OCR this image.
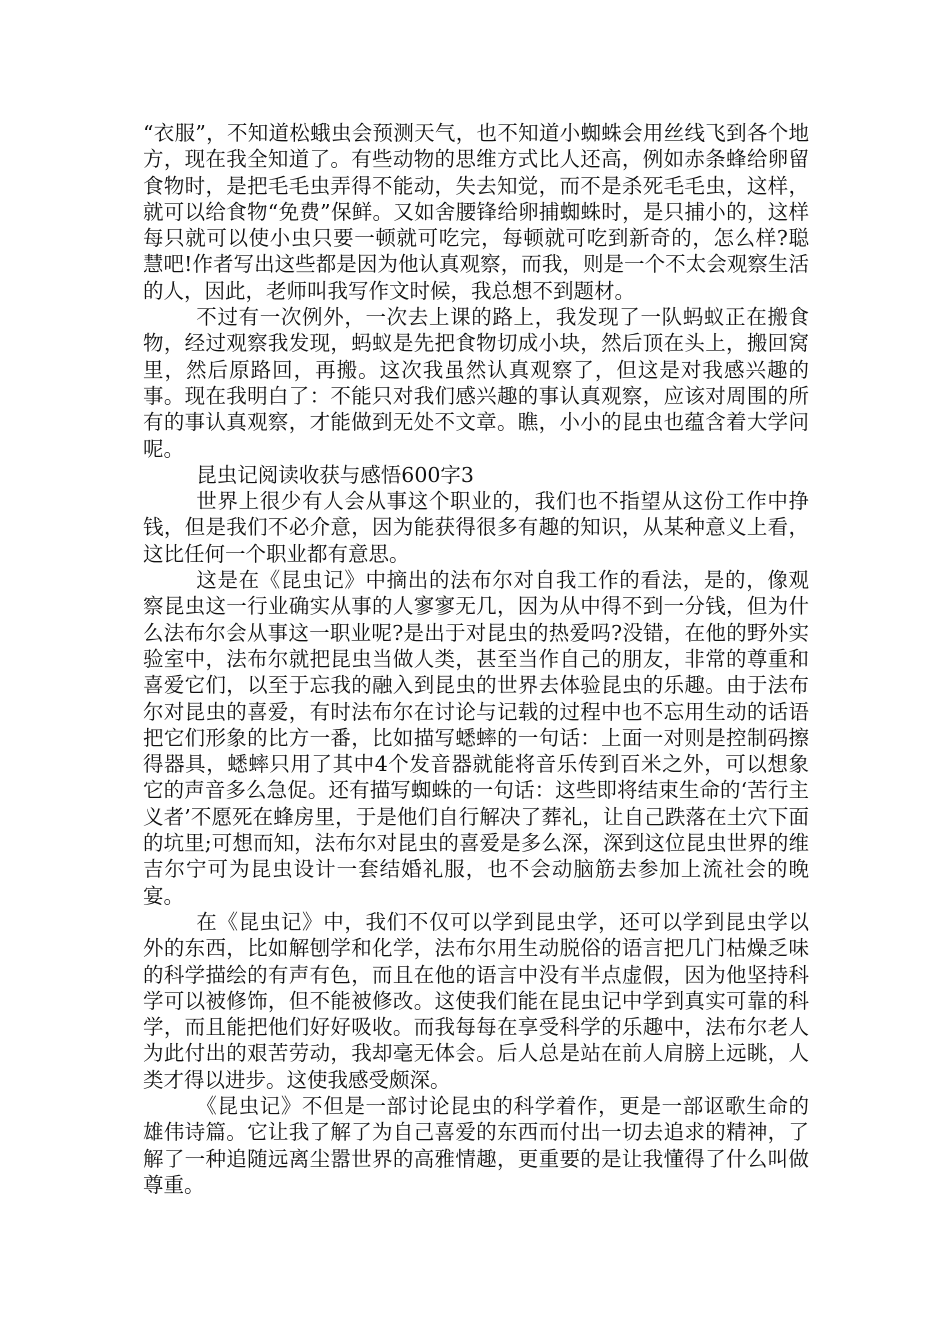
“衣服”，不知道松蛾虫会预测天气，也不知道小蜘蛛会用丝线飞到各个地方，现在我全知道了。有些动物的思维方式比人还高，例如赤条蜂给卵留食物时，是把毛毛虫弄得不能动，失去知觉，而不是杀死毛毛虫，这样，就可以给食物“免费”保鲜。又如舍腰锋给卵捕蜘蛛时，是只捕小的，这样每只就可以使小虫只要一顿就可吃完，每顿就可吃到新奇的，怎么样?聪慧吧!作者写出这些都是因为他认真观察，而我，则是一个不太会观察生活的人，因此，老师叫我写作文时候，我总想不到题材。

不过有一次例外，一次去上课的路上，我发现了一队蚂蚁正在搬食物，经过观察我发现，蚂蚁是先把食物切成小块，然后顶在头上，搬回窝里，然后原路回，再搬。这次我虽然认真观察了，但这是对我感兴趣的事。现在我明白了：不能只对我们感兴趣的事认真观察，应该对周围的所有的事认真观察，才能做到无处不文章。瞧，小小的昆虫也蕴含着大学问呢。

昆虫记阅读收获与感悟600字3

世界上很少有人会从事这个职业的，我们也不指望从这份工作中挣钱，但是我们不必介意，因为能获得很多有趣的知识，从某种意义上看，这比任何一个职业都有意思。

这是在《昆虫记》中摘出的法布尔对自我工作的看法，是的，像观察昆虫这一行业确实从事的人寥寥无几，因为从中得不到一分钱，但为什么法布尔会从事这一职业呢?是出于对昆虫的热爱吗?没错，在他的野外实验室中，法布尔就把昆虫当做人类，甚至当作自己的朋友，非常的尊重和喜爱它们，以至于忘我的融入到昆虫的世界去体验昆虫的乐趣。由于法布尔对昆虫的喜爱，有时法布尔在讨论与记载的过程中也不忘用生动的话语把它们形象的比方一番，比如描写蟋蟀的一句话：上面一对则是控制码擦得器具，蟋蟀只用了其中4个发音器就能将音乐传到百米之外，可以想象它的声音多么急促。还有描写蜘蛛的一句话：这些即将结束生命的‘苦行主义者’不愿死在蜂房里，于是他们自行解决了葬礼，让自己跌落在土穴下面的坑里;可想而知，法布尔对昆虫的喜爱是多么深，深到这位昆虫世界的维吉尔宁可为昆虫设计一套结婚礼服，也不会动脑筋去参加上流社会的晚宴。

在《昆虫记》中，我们不仅可以学到昆虫学，还可以学到昆虫学以外的东西，比如解刨学和化学，法布尔用生动脱俗的语言把几门枯燥乏味的科学描绘的有声有色，而且在他的语言中没有半点虚假，因为他坚持科学可以被修饰，但不能被修改。这使我们能在昆虫记中学到真实可靠的科学，而且能把他们好好吸收。而我每每在享受科学的乐趣中，法布尔老人为此付出的艰苦劳动，我却毫无体会。后人总是站在前人肩膀上远眺，人类才得以进步。这使我感受颇深。

《昆虫记》不但是一部讨论昆虫的科学着作，更是一部讴歌生命的雄伟诗篇。它让我了解了为自己喜爱的东西而付出一切去追求的精神，了解了一种追随远离尘嚣世界的高雅情趣，更重要的是让我懂得了什么叫做尊重。
